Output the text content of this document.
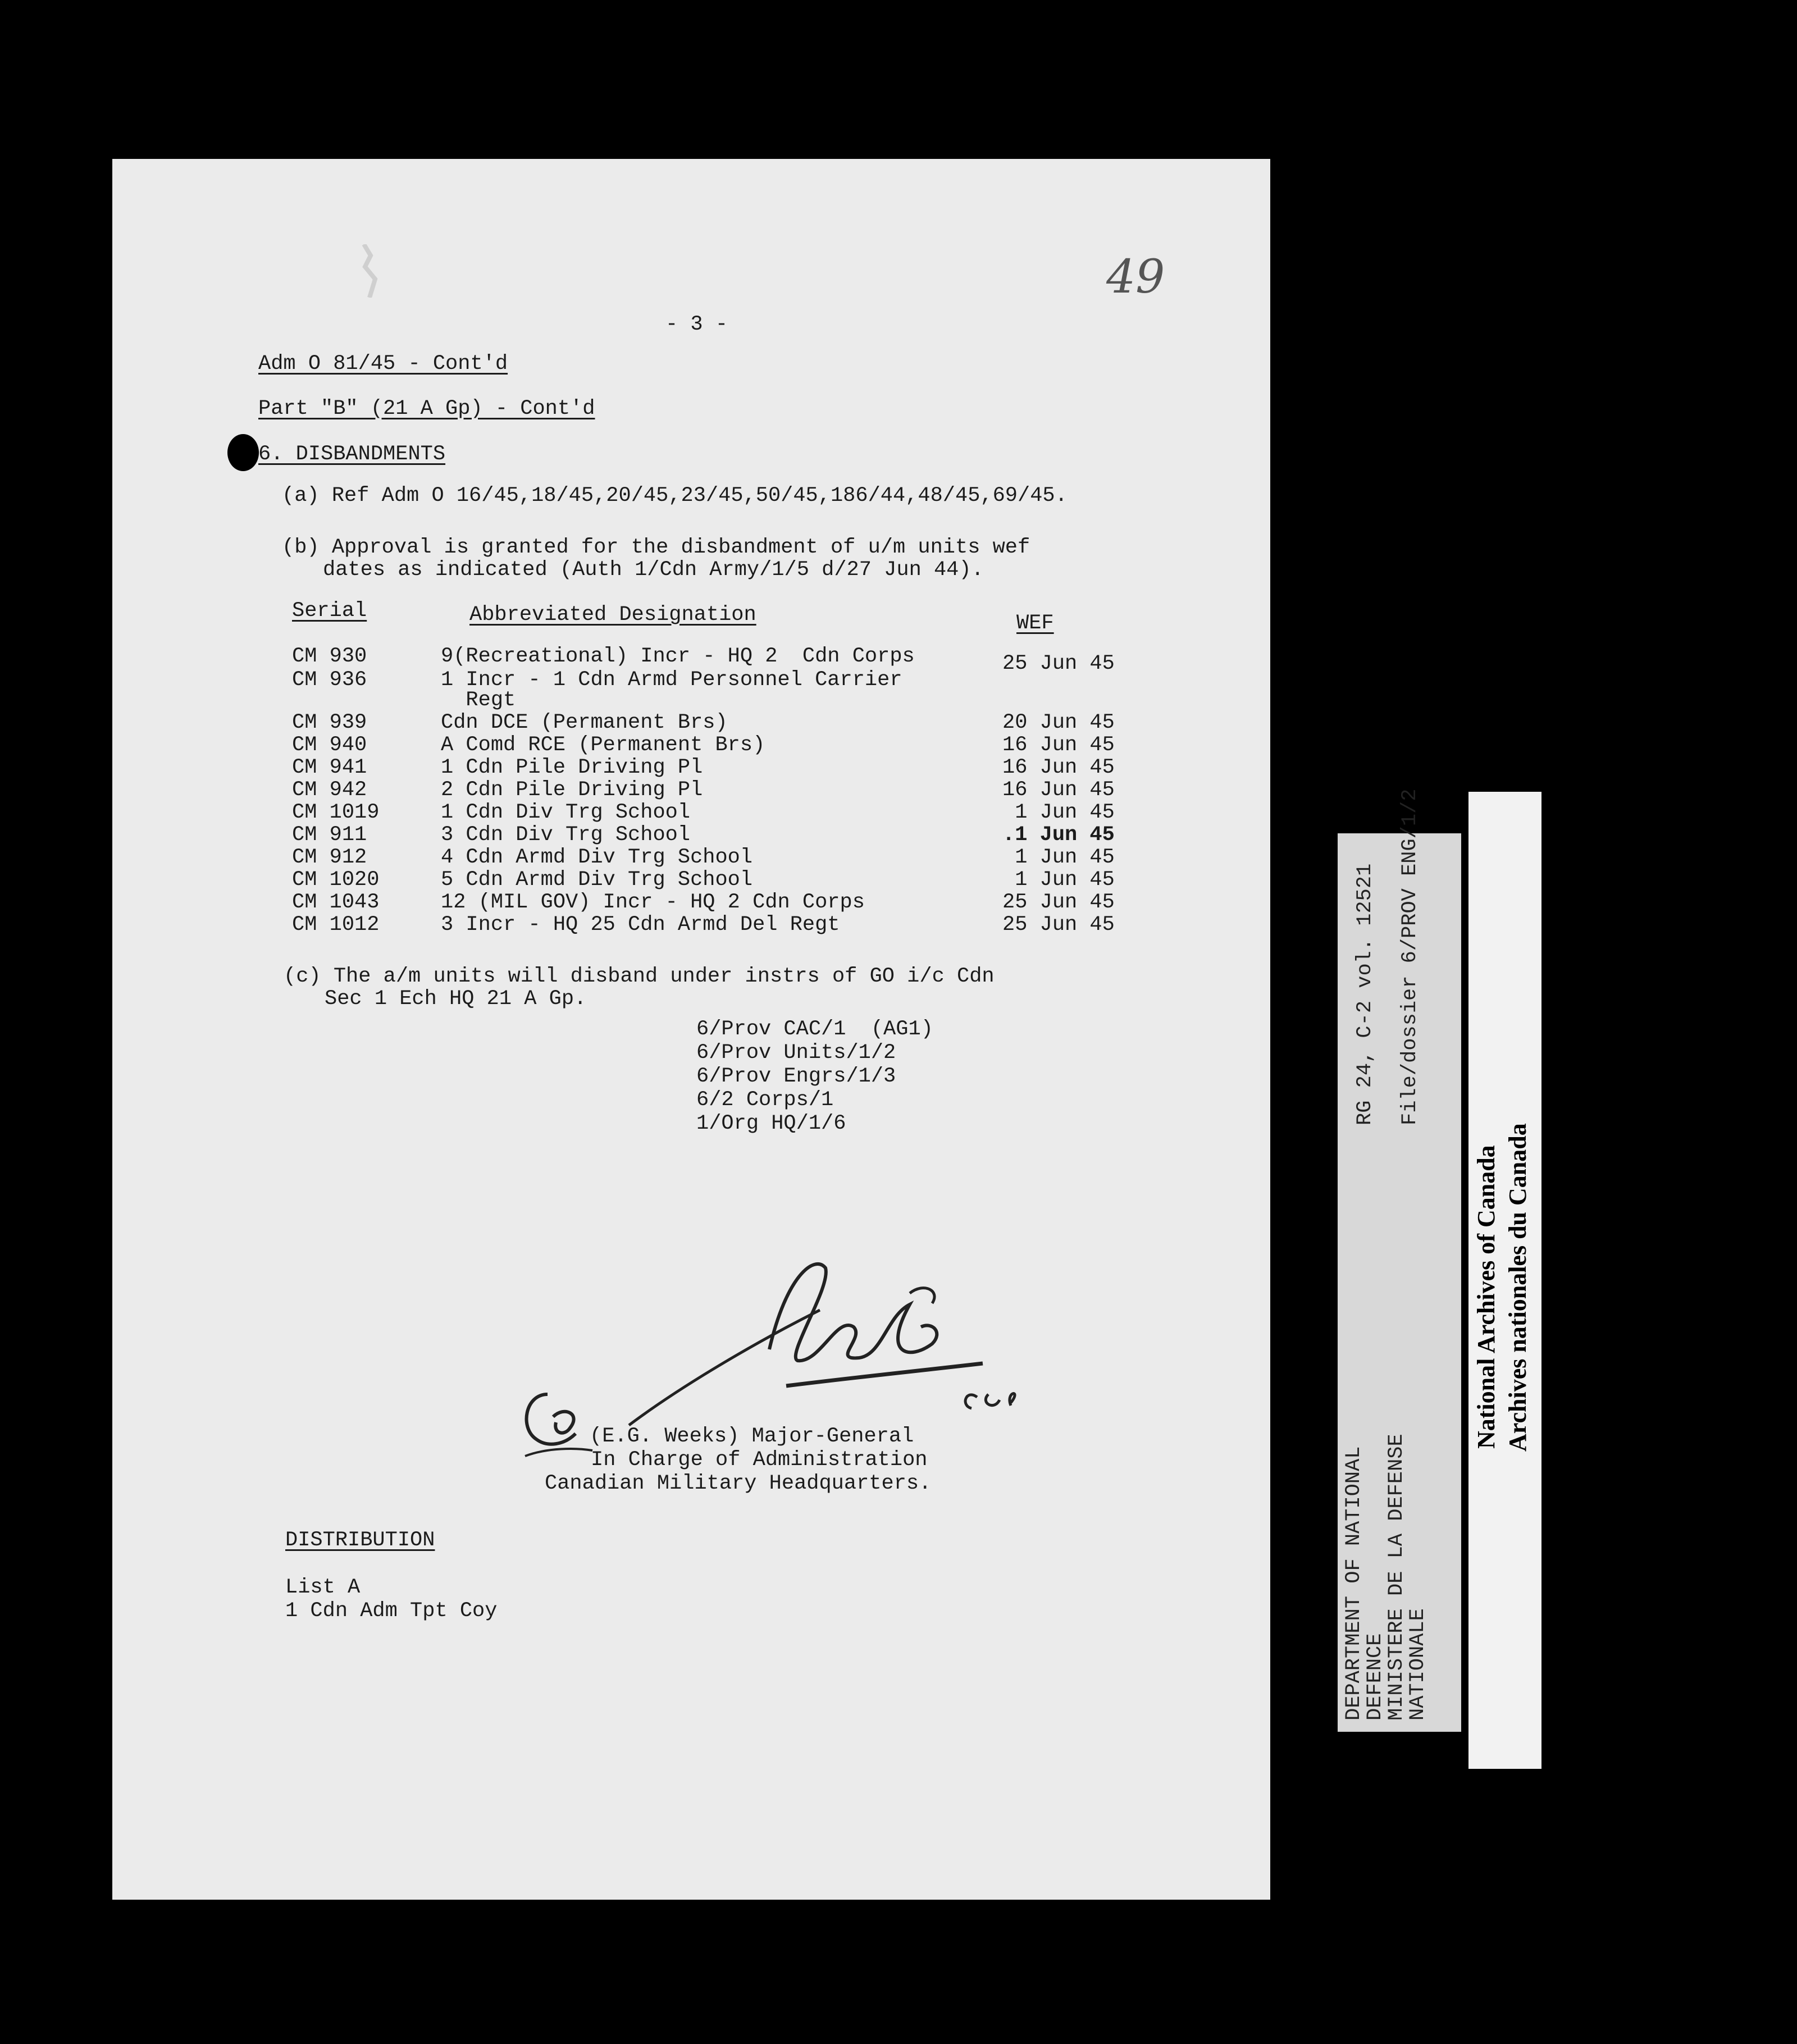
49
- 3 -
Adm O 81/45 - Cont'd
Part "B" (21 A Gp) - Cont'd
6. DISBANDMENTS
(a) Ref Adm O 16/45,18/45,20/45,23/45,50/45,186/44,48/45,69/45.
(b) Approval is granted for the disbandment of u/m units wef
dates as indicated (Auth 1/Cdn Army/1/5 d/27 Jun 44).
Serial	Abbreviated Designation	WEF
CM 930	9(Recreational) Incr - HQ 2  Cdn Corps	25 Jun 45
CM 936	1 Incr - 1 Cdn Armd Personnel Carrier
Regt
CM 939	Cdn DCE (Permanent Brs)	20 Jun 45
CM 940	A Comd RCE (Permanent Brs)	16 Jun 45
CM 941	1 Cdn Pile Driving Pl	16 Jun 45
CM 942	2 Cdn Pile Driving Pl	16 Jun 45
CM 1019	1 Cdn Div Trg School	1 Jun 45
CM 911	3 Cdn Div Trg School	.1 Jun 45
CM 912	4 Cdn Armd Div Trg School	1 Jun 45
CM 1020	5 Cdn Armd Div Trg School	1 Jun 45
CM 1043	12 (MIL GOV) Incr - HQ 2 Cdn Corps	25 Jun 45
CM 1012	3 Incr - HQ 25 Cdn Armd Del Regt	25 Jun 45
(c) The a/m units will disband under instrs of GO i/c Cdn
Sec 1 Ech HQ 21 A Gp.
6/Prov CAC/1  (AG1)
6/Prov Units/1/2
6/Prov Engrs/1/3
6/2 Corps/1
1/Org HQ/1/6
(E.G. Weeks) Major-General
In Charge of Administration
Canadian Military Headquarters.
DISTRIBUTION
List A
1 Cdn Adm Tpt Coy	DEPARTMENT OF NATIONAL
DEFENCE
MINISTERE DE LA DEFENSE
NATIONALE
RG 24, C-2 vol. 12521 File/dossier 6/PROV ENG/1/2
National Archives of Canada Archives nationales du Canada
